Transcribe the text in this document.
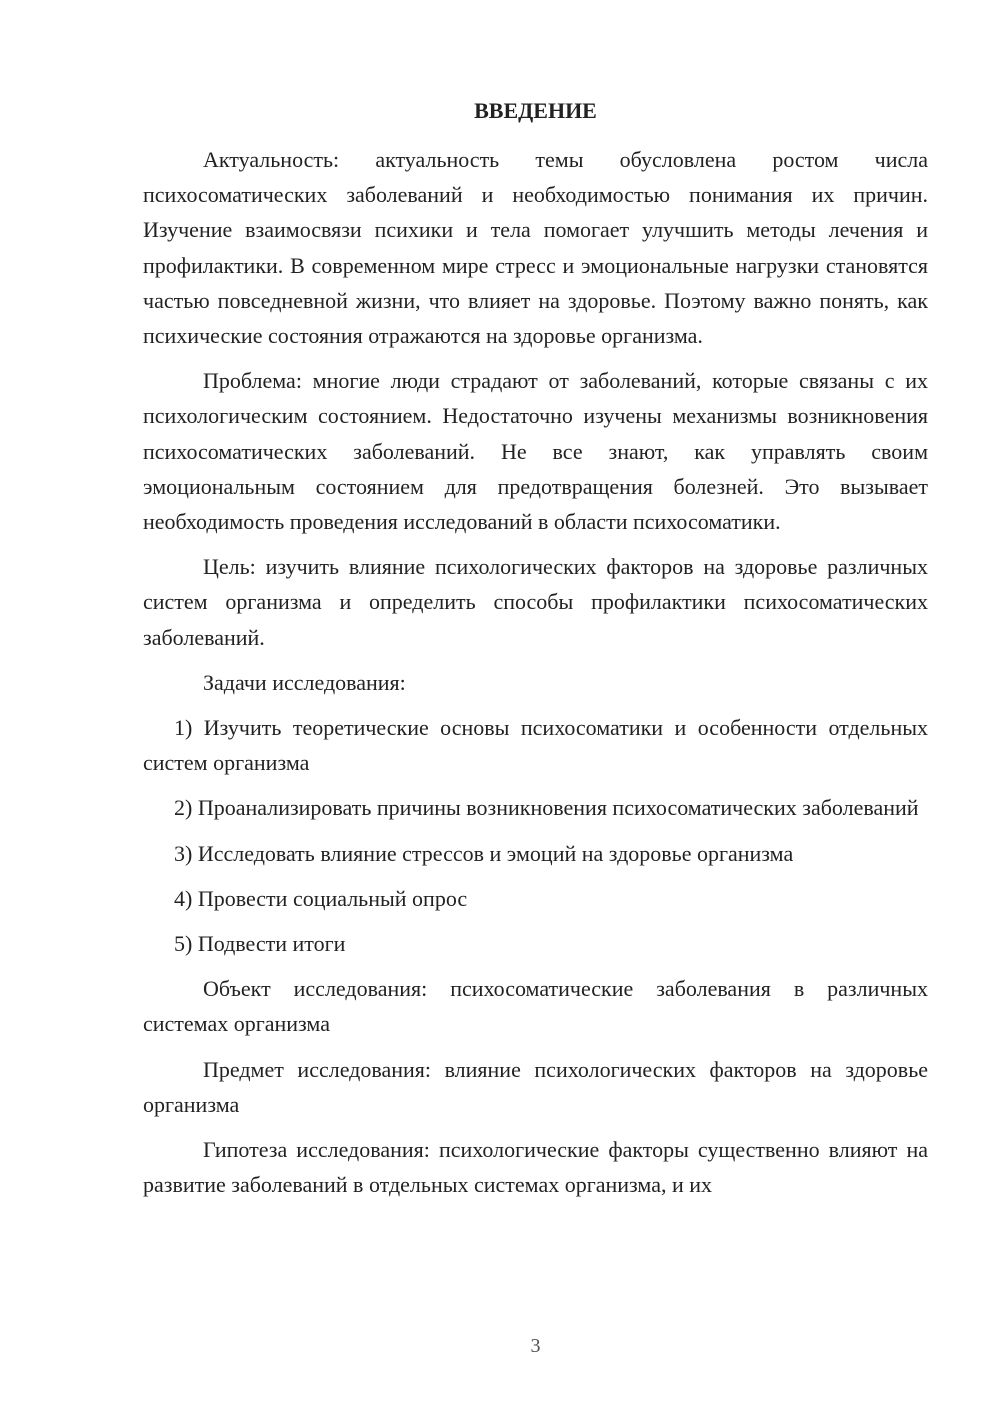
ВВЕДЕНИЕ

Актуальность: актуальность темы обусловлена ростом числа психосоматических заболеваний и необходимостью понимания их причин. Изучение взаимосвязи психики и тела помогает улучшить методы лечения и профилактики. В современном мире стресс и эмоциональные нагрузки становятся частью повседневной жизни, что влияет на здоровье. Поэтому важно понять, как психические состояния отражаются на здоровье организма.

Проблема: многие люди страдают от заболеваний, которые связаны с их психологическим состоянием. Недостаточно изучены механизмы возникновения психосоматических заболеваний. Не все знают, как управлять своим эмоциональным состоянием для предотвращения болезней. Это вызывает необходимость проведения исследований в области психосоматики.

Цель: изучить влияние психологических факторов на здоровье различных систем организма и определить способы профилактики психосоматических заболеваний.

Задачи исследования:

1) Изучить теоретические основы психосоматики и особенности отдельных систем организма

2) Проанализировать причины возникновения психосоматических заболеваний

3) Исследовать влияние стрессов и эмоций на здоровье организма

4) Провести социальный опрос

5) Подвести итоги

Объект исследования: психосоматические заболевания в различных системах организма

Предмет исследования: влияние психологических факторов на здоровье организма

Гипотеза исследования: психологические факторы существенно влияют на развитие заболеваний в отдельных системах организма, и их

3
